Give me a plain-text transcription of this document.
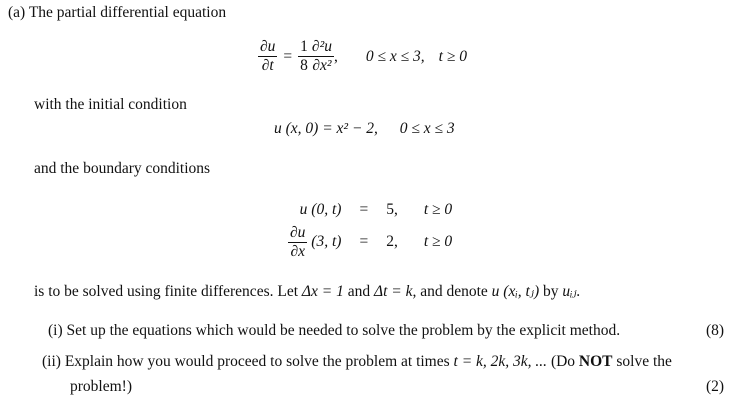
(a) The partial differential equation
$\frac{\partial u}{\partial t} = \frac{1}{8} \frac{\text{∂²u}}{\text{∂x²}}$ , 0 ≤ x ≤ 3, t ≥ 0
with the initial condition
u (x, 0) = x² − 2, 0 ≤ x ≤ 3
and the boundary conditions
u (0, t)	=	5,	t ≥ 0

$\frac{\partial u}{\partial x} (3$, t)	=	2,	t ≥ 0
is to be solved using finite differences. Let Δx = 1 and Δt = k, and denote u (xᵢ, tⱼ) by uᵢⱼ.
(i) Set up the equations which would be needed to solve the problem by the explicit method.	(8)
(ii) Explain how you would proceed to solve the problem at times t = k, 2k, 3k, ... (Do NOT solve the
problem!)	(2)
